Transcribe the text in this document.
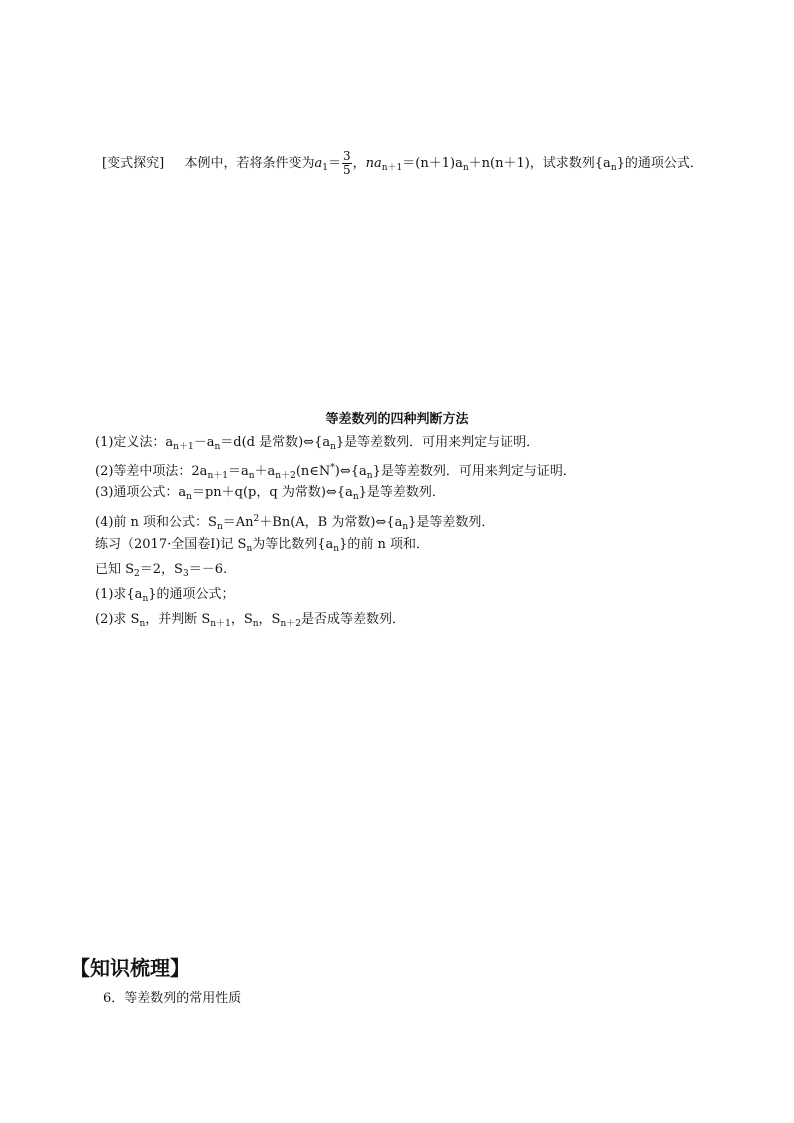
[变式探究] 本例中，若将条件变为$a_1= \frac{3}{5}$ ，$na_{n+1}=(n+1)a_n+n(n+1)$，试求数列$\{a_n\}$的通项公式．
等差数列的四种判断方法
(1)定义法：$a_{n+1}-a_n=d(d$ 是常数)$\Leftrightarrow\{a_n\}$是等差数列．可用来判定与证明．
(2)等差中项法：$2a_{n+1}=a_n+a_{n+2}(n\in N^*)\Leftrightarrow\{a_n\}$是等差数列．可用来判定与证明．
(3)通项公式：$a_n=pn+q(p$，q 为常数)$\Leftrightarrow\{a_n\}$是等差数列．
(4)前 n 项和公式：$S_n=An^2+Bn(A$，B 为常数)$\Leftrightarrow\{a_n\}$是等差数列．
练习（2017·全国卷Ⅰ)记 $S_n$为等比数列$\{a_n\}$的前 n 项和．
已知 $S_2=2$，$S_3=-6$.
(1)求$\{a_n\}$的通项公式；
(2)求 $S_n$，并判断 $S_{n+1}$，$S_n$，$S_{n+2}$是否成等差数列．
【知识梳理】
6．等差数列的常用性质
